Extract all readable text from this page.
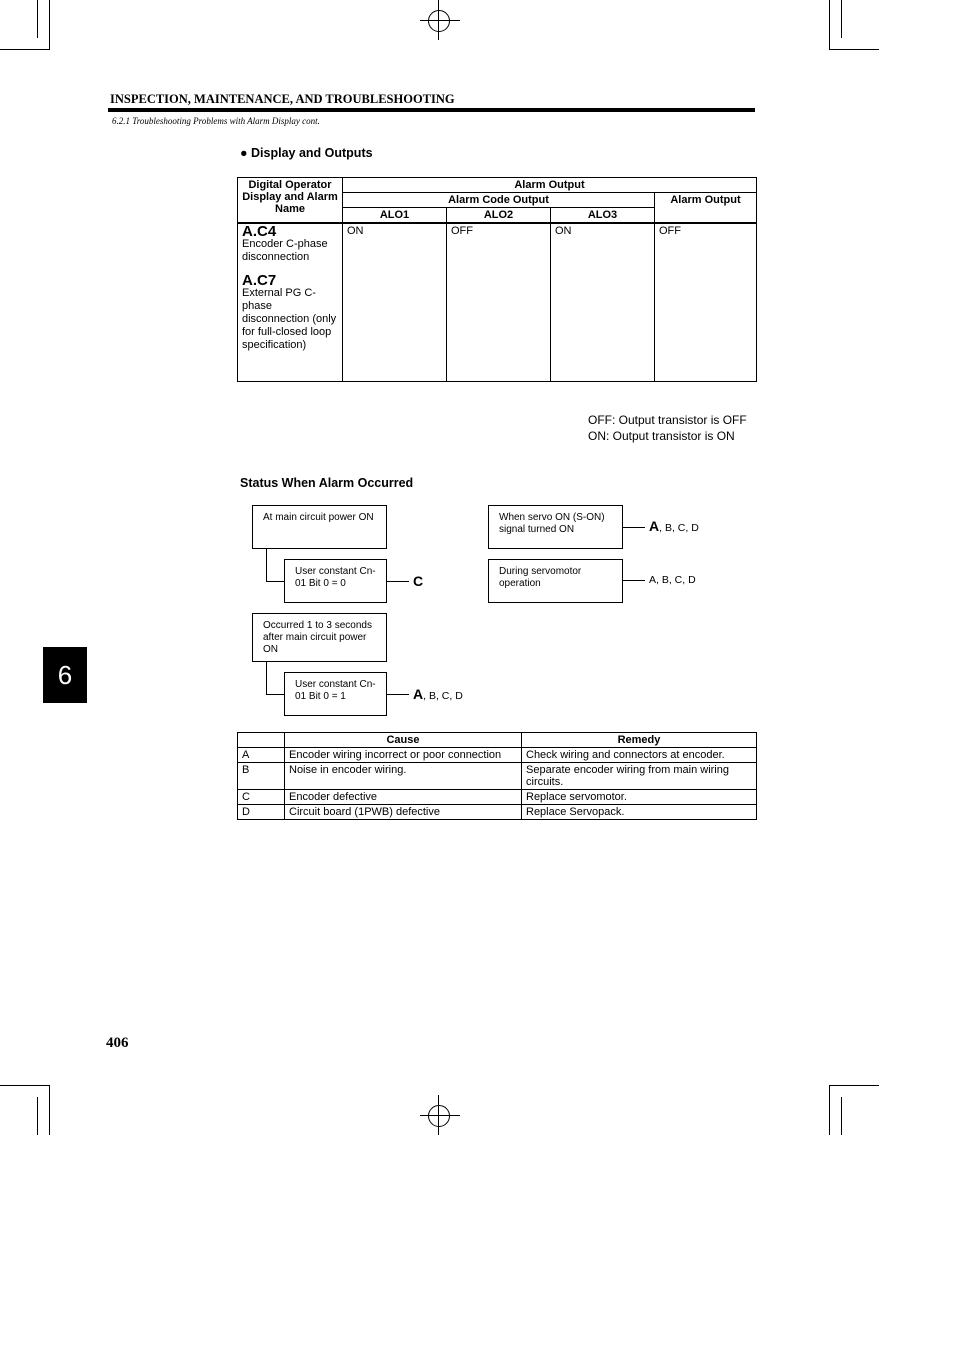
INSPECTION, MAINTENANCE, AND TROUBLESHOOTING
6.2.1 Troubleshooting Problems with Alarm Display cont.
● Display and Outputs
Digital Operator Display and Alarm Name	Alarm Output			
	Alarm Code Output			Alarm Output
	ALO1	ALO2	ALO3	

A.C4
Encoder C-phase disconnection
A.C7
External PG C-phase disconnection (only for full-closed loop specification)	ON	OFF	ON	OFF
OFF: Output transistor is OFF
ON: Output transistor is ON
Status When Alarm Occurred
At main circuit power ON
User constant Cn-01 Bit 0 = 0	C
Occurred 1 to 3 seconds after main circuit power ON
User constant Cn-01 Bit 0 = 1	A, B, C, D
When servo ON (S-ON) signal turned ON	A, B, C, D
During servomotor operation	A, B, C, D
	Cause	Remedy
A	Encoder wiring incorrect or poor connection	Check wiring and connectors at encoder.
B	Noise in encoder wiring.	Separate encoder wiring from main wiring circuits.
C	Encoder defective	Replace servomotor.
D	Circuit board (1PWB) defective	Replace Servopack.
6
406
